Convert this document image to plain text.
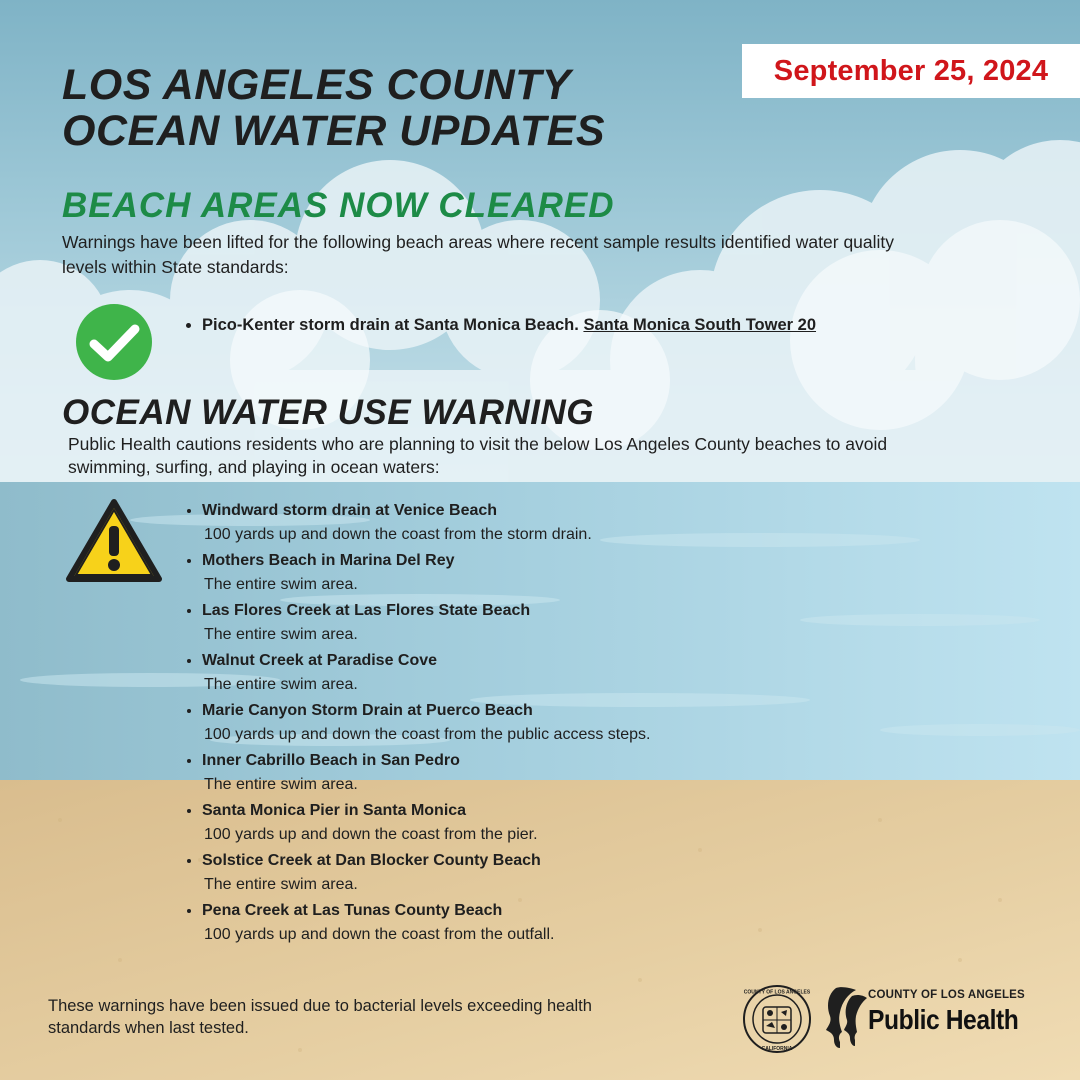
September 25, 2024
LOS ANGELES COUNTY
OCEAN WATER UPDATES
BEACH AREAS NOW CLEARED

Warnings have been lifted for the following beach areas where recent sample results identified water quality levels within State standards:

• Pico-Kenter storm drain at Santa Monica Beach. Santa Monica South Tower 20
OCEAN WATER USE WARNING

Public Health cautions residents who are planning to visit the below Los Angeles County beaches to avoid swimming, surfing, and playing in ocean waters:

• Windward storm drain at Venice Beach
100 yards up and down the coast from the storm drain.
• Mothers Beach in Marina Del Rey
The entire swim area.
• Las Flores Creek at Las Flores State Beach
The entire swim area.
• Walnut Creek at Paradise Cove
The entire swim area.
• Marie Canyon Storm Drain at Puerco Beach
100 yards up and down the coast from the public access steps.
• Inner Cabrillo Beach in San Pedro
The entire swim area.
• Santa Monica Pier in Santa Monica
100 yards up and down the coast from the pier.
• Solstice Creek at Dan Blocker County Beach
The entire swim area.
• Pena Creek at Las Tunas County Beach
100 yards up and down the coast from the outfall.

These warnings have been issued due to bacterial levels exceeding health standards when last tested.

COUNTY OF LOS ANGELES
CALIFORNIA
COUNTY OF LOS ANGELES
Public Health
